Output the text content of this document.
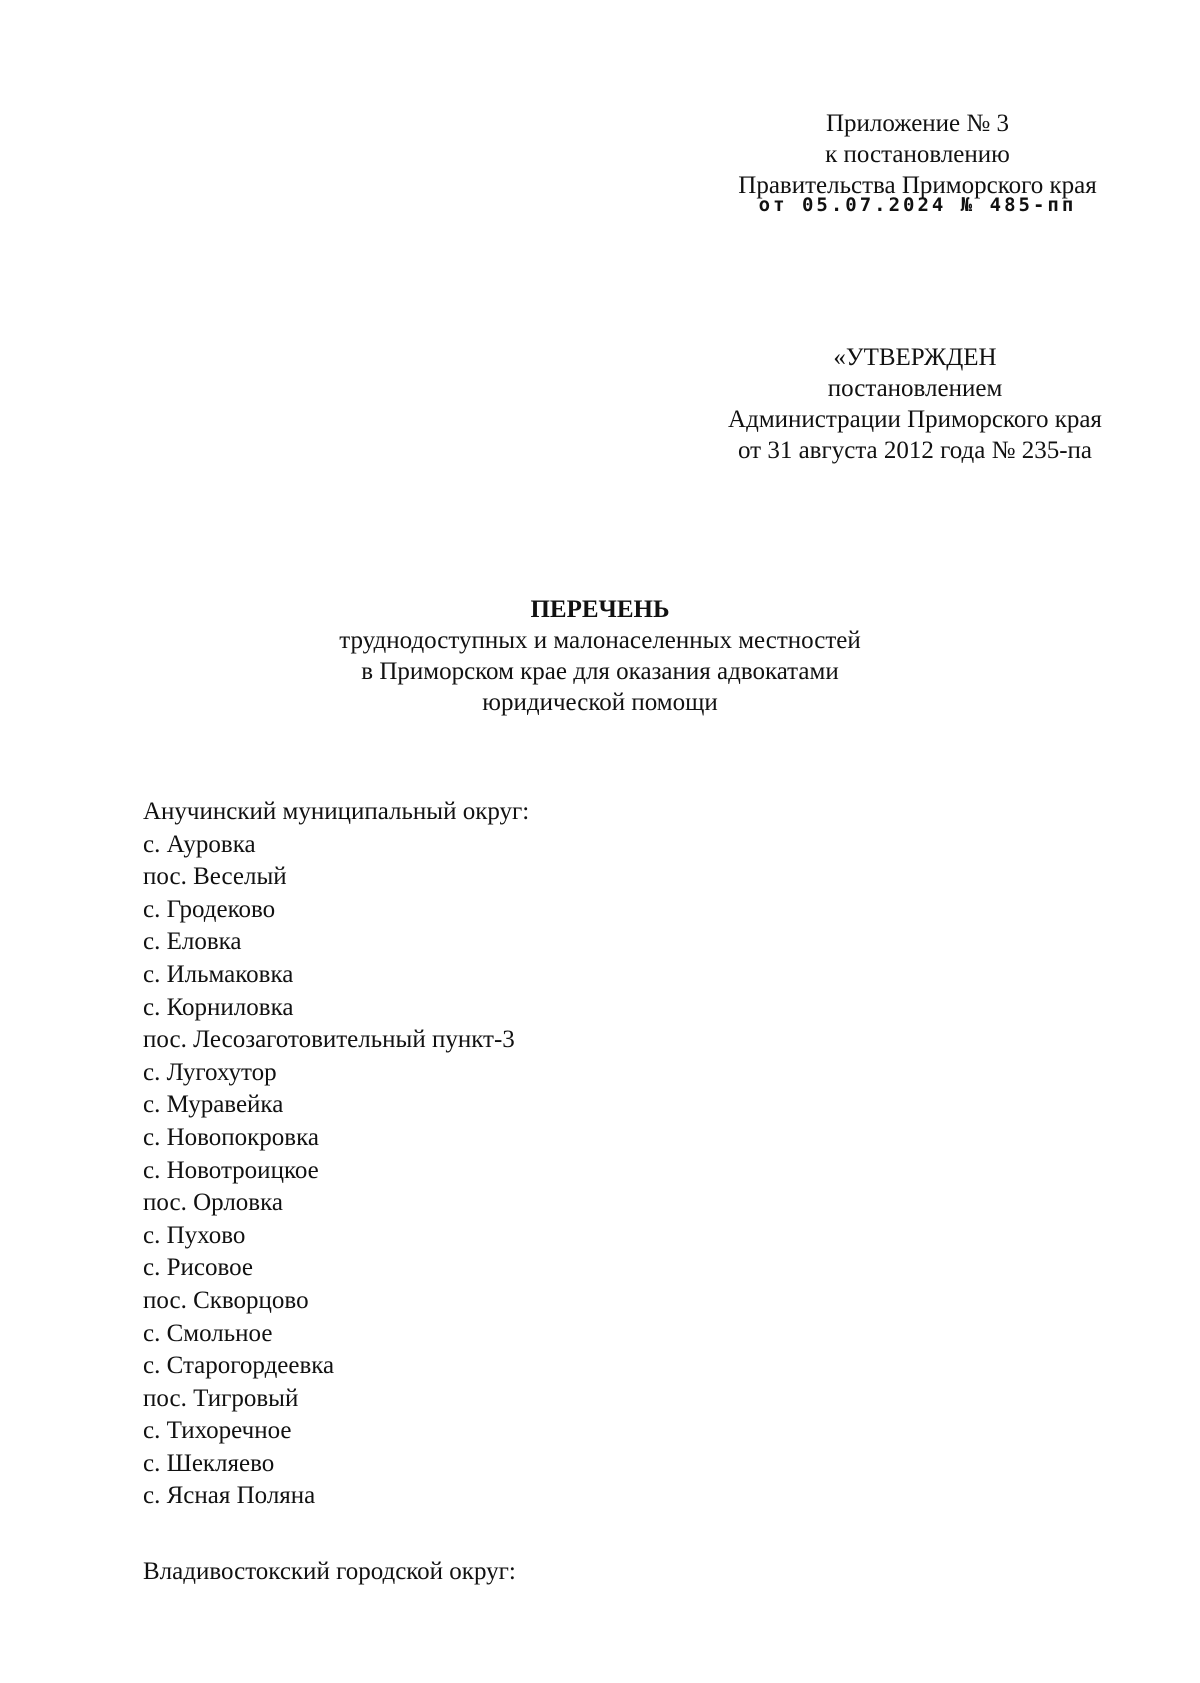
Приложение № 3
к постановлению
Правительства Приморского края
от 05.07.2024 № 485-пп
«УТВЕРЖДЕН
постановлением
Администрации Приморского края
от 31 августа 2012 года № 235-па
ПЕРЕЧЕНЬ
труднодоступных и малонаселенных местностей
в Приморском крае для оказания адвокатами
юридической помощи

Анучинский муниципальный округ:

с. Ауровка
пос. Веселый
с. Гродеково
с. Еловка
с. Ильмаковка
с. Корниловка
пос. Лесозаготовительный пункт-3
с. Лугохутор
с. Муравейка
с. Новопокровка
с. Новотроицкое
пос. Орловка
с. Пухово
с. Рисовое
пос. Скворцово
с. Смольное
с. Старогордеевка
пос. Тигровый
с. Тихоречное
с. Шекляево
с. Ясная Поляна

Владивостокский городской округ:
